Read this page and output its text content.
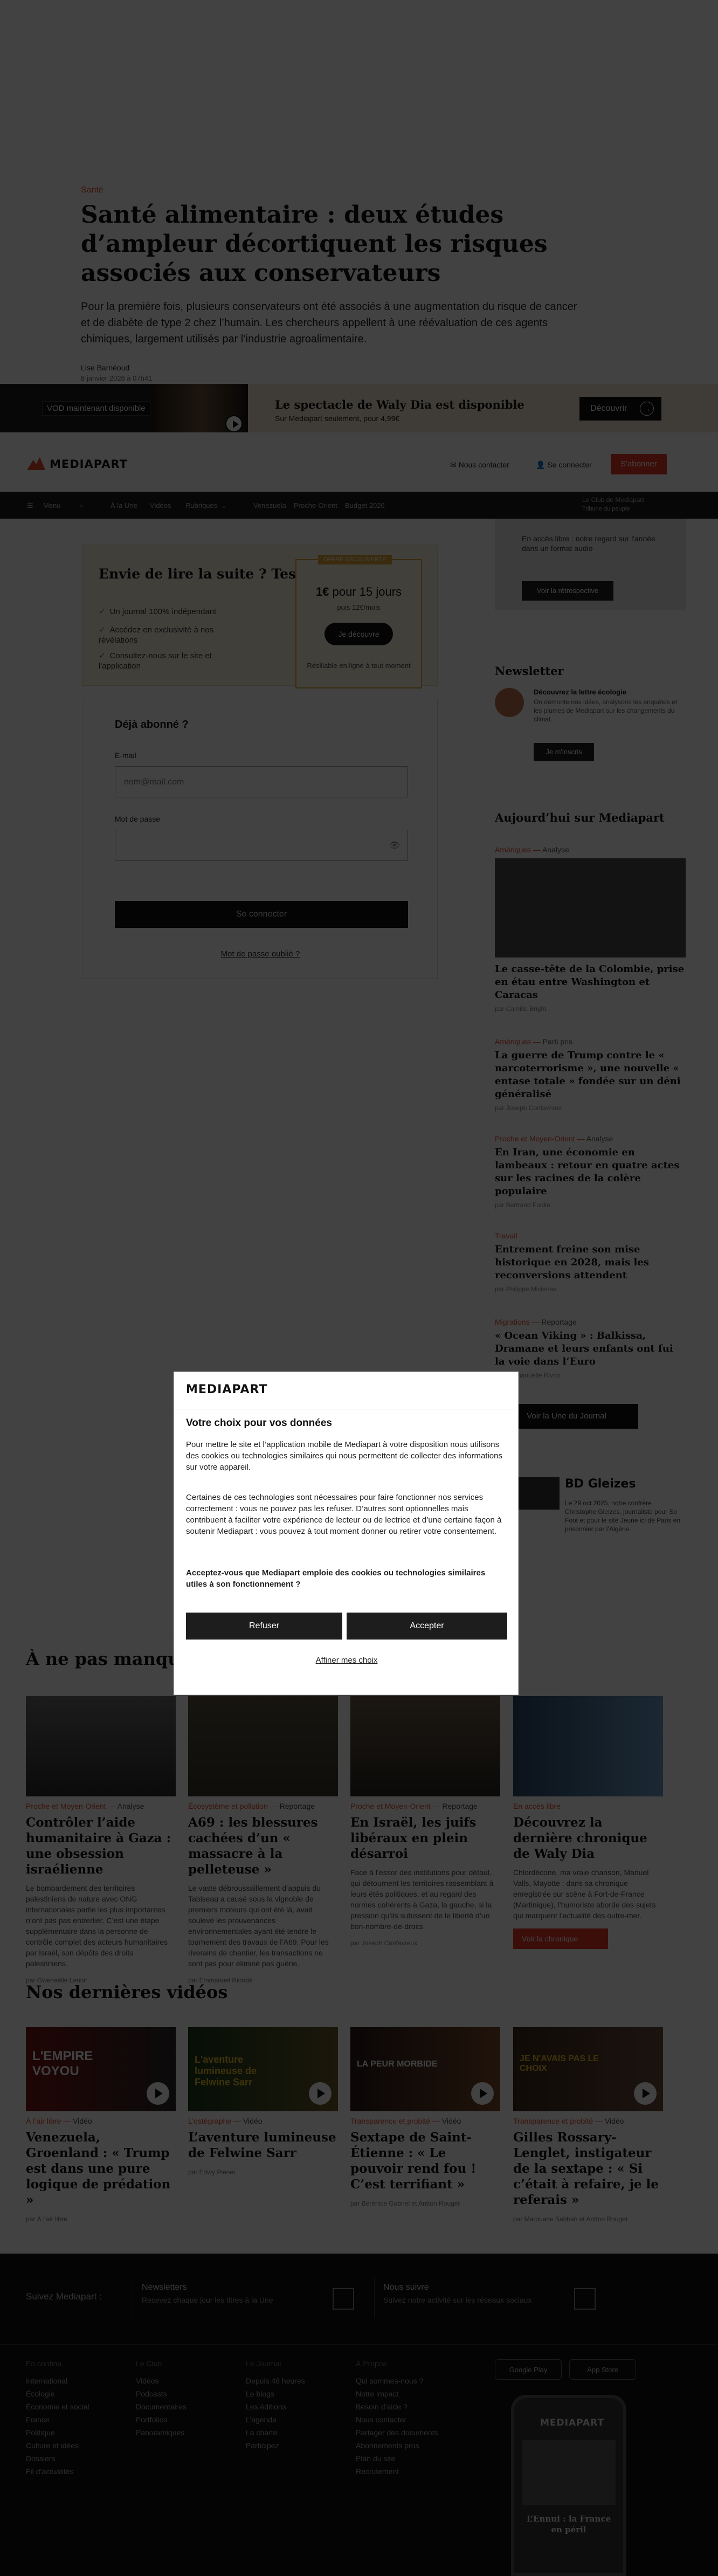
✓
✓
✓
MEDIAPART
Votre choix pour vos données

Pour mettre le site et l’application mobile de Mediapart à votre disposition nous utilisons des cookies ou technologies similaires qui nous permettent de collecter des informations sur votre appareil.

Certaines de ces technologies sont nécessaires pour faire fonctionner nos services correctement : vous ne pouvez pas les refuser. D’autres sont optionnelles mais contribuent à faciliter votre expérience de lecteur ou de lectrice et d’une certaine façon à soutenir Mediapart : vous pouvez à tout moment donner ou retirer votre consentement.

Acceptez-vous que Mediapart emploie des cookies ou technologies similaires utiles à son fonctionnement ?

Refuser	Accepter
Affiner mes choix
